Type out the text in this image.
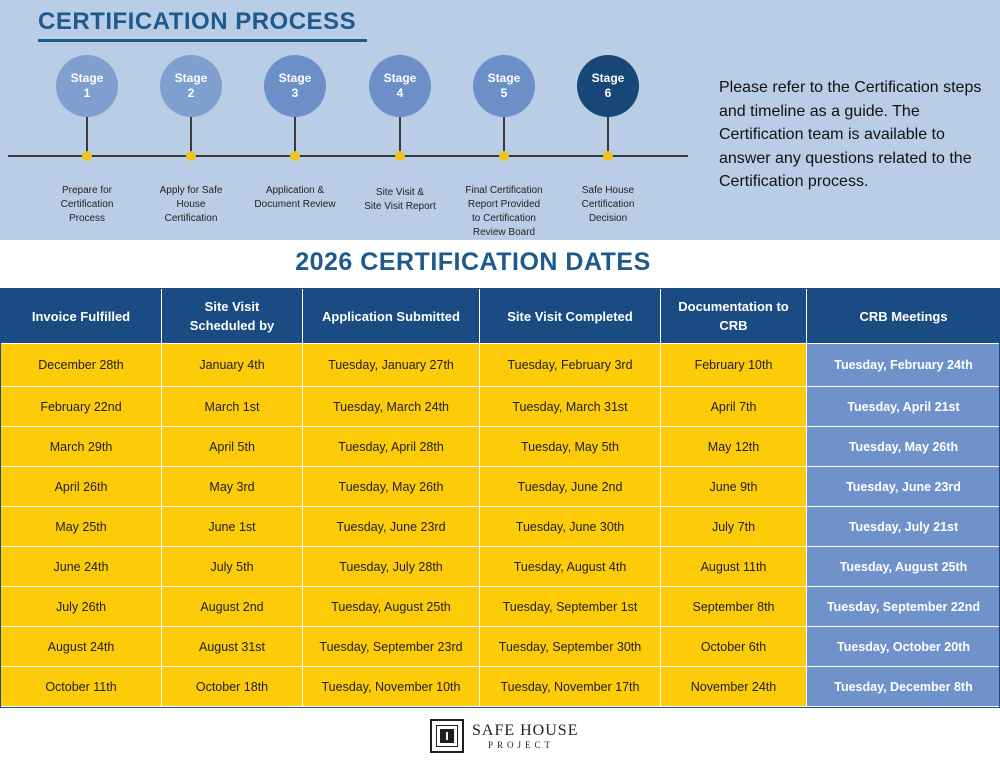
CERTIFICATION PROCESS
Stage
1
Prepare for
Certification
Process
Stage
2
Apply for Safe
House
Certification
Stage
3
Application &
Document Review
Stage
4
Site Visit &
Site Visit Report
Stage
5
Final Certification
Report Provided
to Certification
Review Board
Stage
6
Safe House
Certification
Decision
Please refer to the Certification steps and timeline as a guide. The Certification team is available to answer any questions related to the Certification process.
2026 CERTIFICATION DATES
Invoice Fulfilled	Site Visit Scheduled by	Application Submitted	Site Visit Completed	Documentation to CRB	CRB Meetings
December 28th	January 4th	Tuesday, January 27th	Tuesday, February 3rd	February 10th	Tuesday, February 24th
February 22nd	March 1st	Tuesday, March 24th	Tuesday, March 31st	April 7th	Tuesday, April 21st
March 29th	April 5th	Tuesday, April 28th	Tuesday, May 5th	May 12th	Tuesday, May 26th
April 26th	May 3rd	Tuesday, May 26th	Tuesday, June 2nd	June 9th	Tuesday, June 23rd
May 25th	June 1st	Tuesday, June 23rd	Tuesday, June 30th	July 7th	Tuesday, July 21st
June 24th	July 5th	Tuesday, July 28th	Tuesday, August 4th	August 11th	Tuesday, August 25th
July 26th	August 2nd	Tuesday, August 25th	Tuesday, September 1st	September 8th	Tuesday, September 22nd
August 24th	August 31st	Tuesday, September 23rd	Tuesday, September 30th	October 6th	Tuesday, October 20th
October 11th	October 18th	Tuesday, November 10th	Tuesday, November 17th	November 24th	Tuesday, December 8th
SAFE HOUSE
PROJECT
